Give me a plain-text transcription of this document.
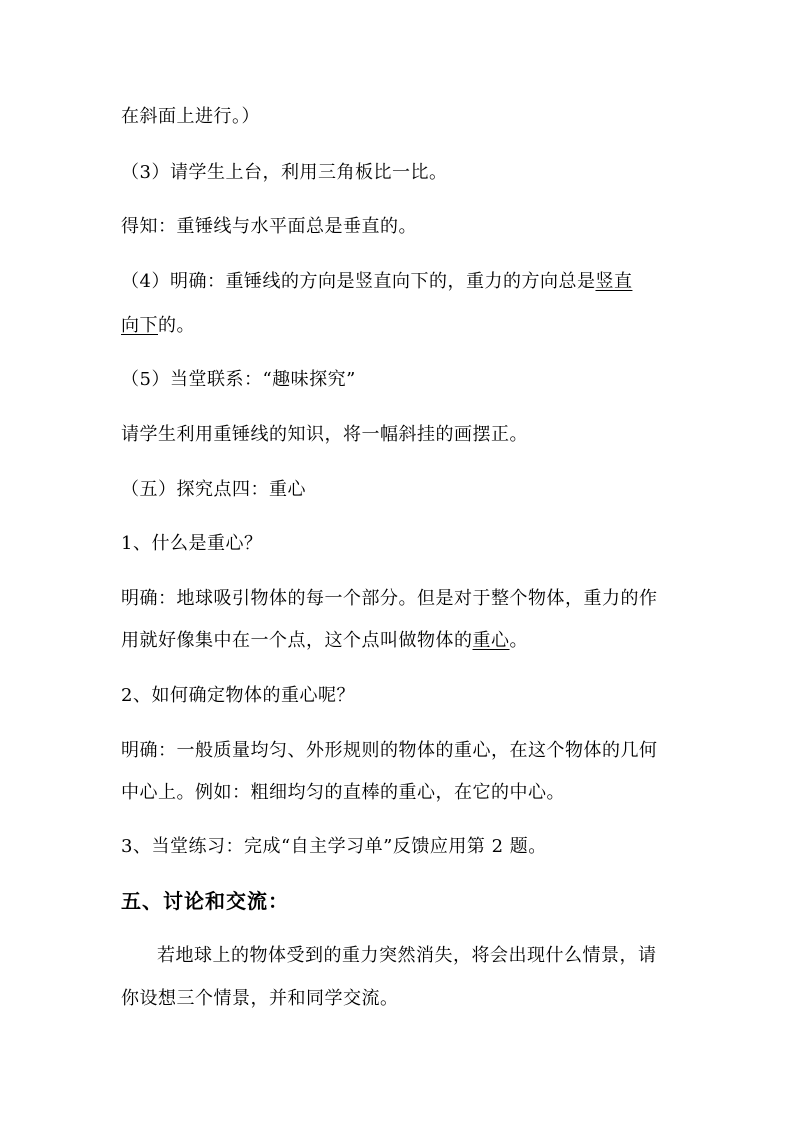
在斜面上进行。）
（3）请学生上台，利用三角板比一比。
得知：重锤线与水平面总是垂直的。
（4）明确：重锤线的方向是竖直向下的，重力的方向总是竖直
向下的。
（5）当堂联系：“趣味探究”
请学生利用重锤线的知识，将一幅斜挂的画摆正。
（五）探究点四：重心
1、什么是重心？
明确：地球吸引物体的每一个部分。但是对于整个物体，重力的作
用就好像集中在一个点，这个点叫做物体的重心。
2、如何确定物体的重心呢？
明确：一般质量均匀、外形规则的物体的重心，在这个物体的几何
中心上。例如：粗细均匀的直棒的重心，在它的中心。
3、当堂练习：完成“自主学习单”反馈应用第 2 题。
五、讨论和交流：
若地球上的物体受到的重力突然消失，将会出现什么情景，请
你设想三个情景，并和同学交流。
